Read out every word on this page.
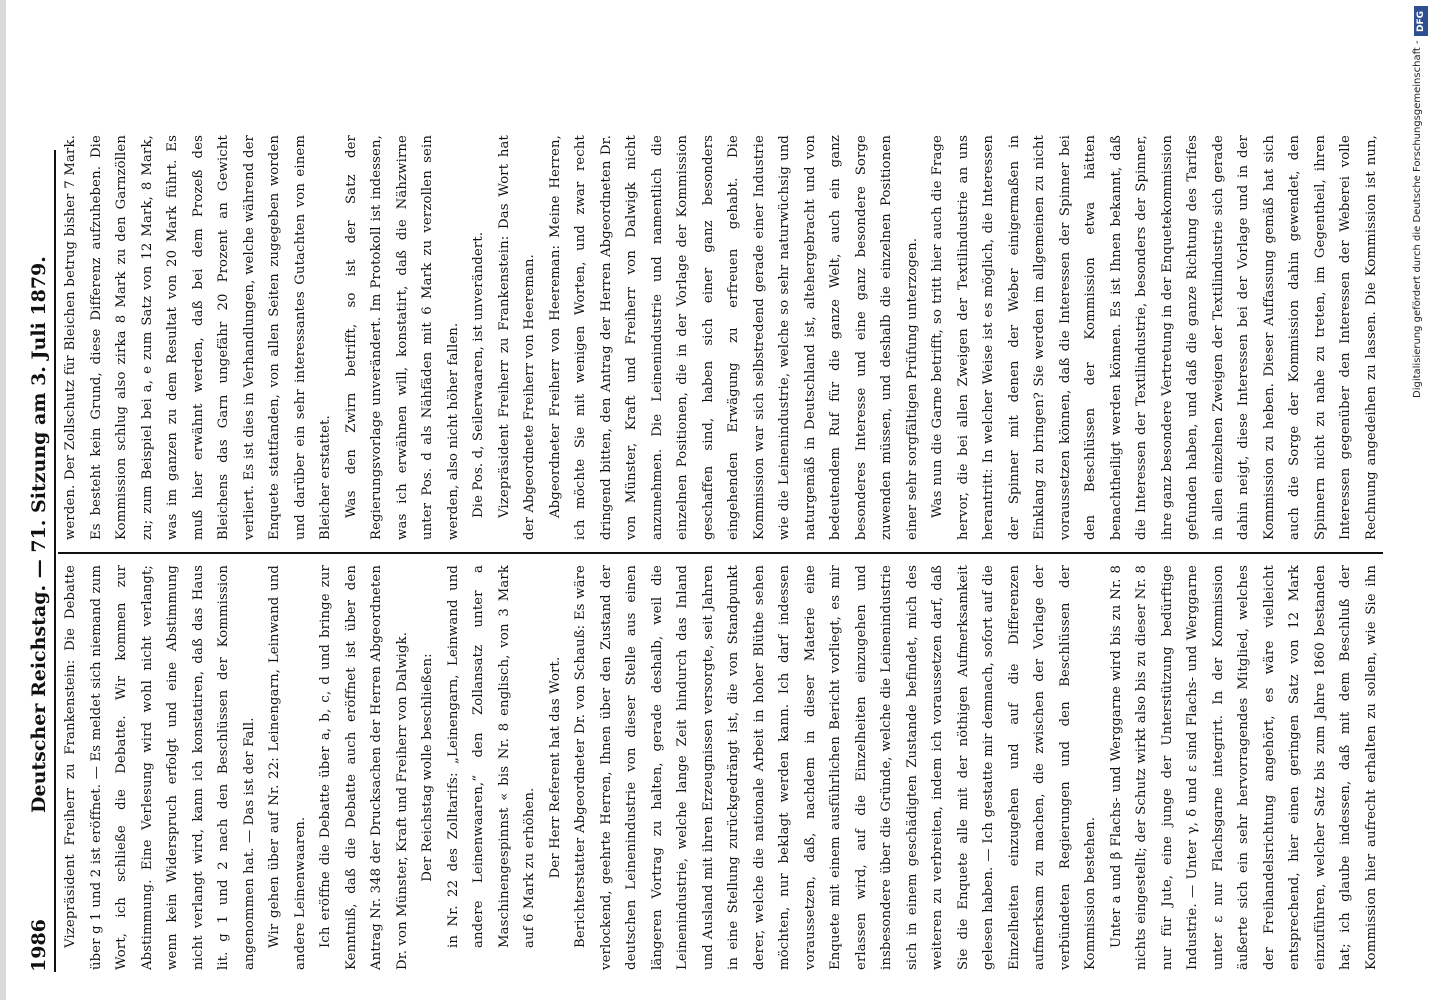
1986
Deutscher Reichstag. — 71. Sitzung am 3. Juli 1879. Vizepräsident Freiherr zu Frankenstein: Die Debatte über g 1 und 2 ist eröffnet. — Es meldet sich niemand zum Wort, ich schließe die Debatte. Wir kommen zur Abstimmung. Eine Verlesung wird wohl nicht verlangt; wenn kein Widerspruch erfolgt und eine Abstimmung nicht verlangt wird, kann ich konstatiren, daß das Haus lit. g 1 und 2 nach den Beschlüssen der Kommission angenommen hat. — Das ist der Fall. Wir gehen über auf Nr. 22: Leinengarn, Leinwand und andere Leinenwaaren. Ich eröffne die Debatte über a, b, c, d und bringe zur Kenntniß, daß die Debatte auch eröffnet ist über den Antrag Nr. 348 der Drucksachen der Herren Abgeordneten Dr. von Münster, Kraft und Freiherr von Dalwigk. Der Reichstag wolle beschließen: in Nr. 22 des Zolltarifs: „Leinengarn, Leinwand und andere Leinenwaaren,“ den Zollansatz unter a Maschinengespinnst « bis Nr. 8 englisch, von 3 Mark auf 6 Mark zu erhöhen. Der Herr Referent hat das Wort. Berichterstatter Abgeordneter Dr. von Schauß: Es wäre verlockend, geehrte Herren, Ihnen über den Zustand der deutschen Leinenindustrie von dieser Stelle aus einen längeren Vortrag zu halten, gerade deshalb, weil die Leinenindustrie, welche lange Zeit hindurch das Inland und Ausland mit ihren Erzeugnissen versorgte, seit Jahren in eine Stellung zurückgedrängt ist, die von Standpunkt derer, welche die nationale Arbeit in hoher Blüthe sehen möchten, nur beklagt werden kann. Ich darf indessen voraussetzen, daß, nachdem in dieser Materie eine Enquete mit einem ausführlichen Bericht vorliegt, es mir erlassen wird, auf die Einzelheiten einzugehen und insbesondere über die Gründe, welche die Leinenindustrie sich in einem geschädigten Zustande befindet, mich des weiteren zu verbreiten, indem ich voraussetzen darf, daß Sie die Enquete alle mit der nöthigen Aufmerksamkeit gelesen haben. — Ich gestatte mir demnach, sofort auf die Einzelheiten einzugehen und auf die Differenzen aufmerksam zu machen, die zwischen der Vorlage der verbündeten Regierungen und den Beschlüssen der Kommission bestehen. Unter a und β Flachs- und Werggarne wird bis zu Nr. 8 nichts eingestellt; der Schutz wirkt also bis zu dieser Nr. 8 nur für Jute, eine junge der Unterstützung bedürftige Industrie. — Unter γ, δ und ε sind Flachs- und Werggarne unter ε nur Flachsgarne integrirt. In der Kommission äußerte sich ein sehr hervorragendes Mitglied, welches der Freihandelsrichtung angehört, es wäre vielleicht entsprechend, hier einen geringen Satz von 12 Mark einzuführen, welcher Satz bis zum Jahre 1860 bestanden hat; ich glaube indessen, daß mit dem Beschluß der Kommission hier aufrecht erhalten zu sollen, wie Sie ihn

werden. Der Zollschutz für Bleichen betrug bisher 7 Mark. Es besteht kein Grund, diese Differenz aufzuheben. Die Kommission schlug also zirka 8 Mark zu den Garnzöllen zu; zum Beispiel bei a, e zum Satz von 12 Mark, 8 Mark, was im ganzen zu dem Resultat von 20 Mark führt. Es muß hier erwähnt werden, daß bei dem Prozeß des Bleichens das Garn ungefähr 20 Prozent an Gewicht verliert. Es ist dies in Verhandlungen, welche während der Enquete stattfanden, von allen Seiten zugegeben worden und darüber ein sehr interessantes Gutachten von einem Bleicher erstattet. Was den Zwirn betrifft, so ist der Satz der Regierungsvorlage unverändert. Im Protokoll ist indessen, was ich erwähnen will, konstatirt, daß die Nähzwirne unter Pos. d als Nähfäden mit 6 Mark zu verzollen sein werden, also nicht höher fallen. Die Pos. d, Seilerwaaren, ist unverändert. Vizepräsident Freiherr zu Frankenstein: Das Wort hat der Abgeordnete Freiherr von Heereman. Abgeordneter Freiherr von Heereman: Meine Herren, ich möchte Sie mit wenigen Worten, und zwar recht dringend bitten, den Antrag der Herren Abgeordneten Dr. von Münster, Kraft und Freiherr von Dalwigk nicht anzunehmen. Die Leinenindustrie und namentlich die einzelnen Positionen, die in der Vorlage der Kommission geschaffen sind, haben sich einer ganz besonders eingehenden Erwägung zu erfreuen gehabt. Die Kommission war sich selbstredend gerade einer Industrie wie die Leinenindustrie, welche so sehr naturwüchsig und naturgemäß in Deutschland ist, altehergebracht und von bedeutendem Ruf für die ganze Welt, auch ein ganz besonderes Interesse und eine ganz besondere Sorge zuwenden müssen, und deshalb die einzelnen Positionen einer sehr sorgfältigen Prüfung unterzogen. Was nun die Garne betrifft, so tritt hier auch die Frage hervor, die bei allen Zweigen der Textilindustrie an uns herantritt: In welcher Weise ist es möglich, die Interessen der Spinner mit denen der Weber einigermaßen in Einklang zu bringen? Sie werden im allgemeinen zu nicht voraussetzen können, daß die Interessen der Spinner bei den Beschlüssen der Kommission etwa hätten benachtheiligt werden können. Es ist Ihnen bekannt, daß die Interessen der Textilindustrie, besonders der Spinner, ihre ganz besondere Vertretung in der Enquetekommission gefunden haben, und daß die ganze Richtung des Tarifes in allen einzelnen Zweigen der Textilindustrie sich gerade dahin neigt, diese Interessen bei der Vorlage und in der Kommission zu heben. Dieser Auffassung gemäß hat sich auch die Sorge der Kommission dahin gewendet, den Spinnern nicht zu nahe zu treten, im Gegentheil, ihren Interessen gegenüber den Interessen der Weberei volle Rechnung angedeihen zu lassen. Die Kommission ist nun,

DFG
Digitalisierung gefördert durch die Deutsche Forschungsgemeinschaft -
